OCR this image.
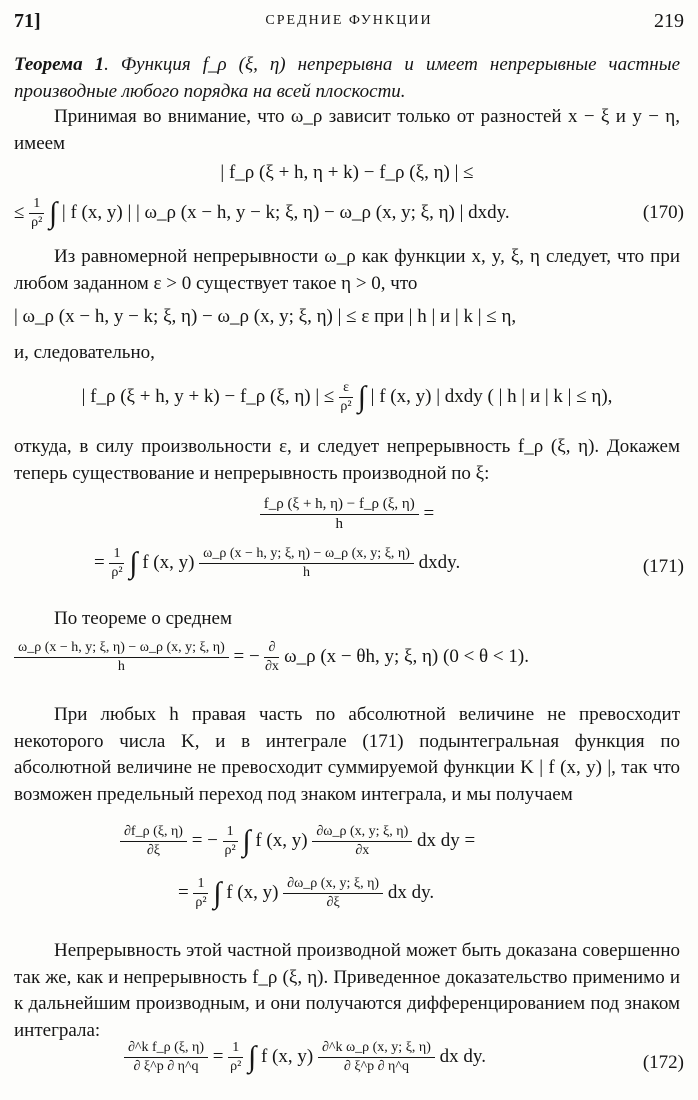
71]	СРЕДНИЕ ФУНКЦИИ	219
Теорема 1. Функция f_ρ (ξ, η) непрерывна и имеет непрерывные частные производные любого порядка на всей плоскости.
Принимая во внимание, что ω_ρ зависит только от разностей x − ξ и y − η, имеем
| f_ρ (ξ + h, η + k) − f_ρ (ξ, η) | ≤
≤ $\frac{1}{\text{ρ²}}$ ∫ | f (x, y) | | ω_ρ (x − h, y − k; ξ, η) − ω_ρ (x, y; ξ, η) | dxdy.	(170)
Из равномерной непрерывности ω_ρ как функции x, y, ξ, η следует, что при любом заданном ε > 0 существует такое η > 0, что
| ω_ρ (x − h, y − k; ξ, η) − ω_ρ (x, y; ξ, η) | ≤ ε при | h | и | k | ≤ η,
и, следовательно,
| f_ρ (ξ + h, y + k) − f_ρ (ξ, η) | ≤ $\frac{\varepsilon}{\text{ρ²}}$ ∫ | f (x, y) | dxdy ( | h | и | k | ≤ η),
откуда, в силу произвольности ε, и следует непрерывность f_ρ (ξ, η). Докажем теперь существование и непрерывность производной по ξ:
$\frac{f\_\rho (\xi + h, \eta) - f\_\rho (\xi, \eta)}{h}$ =
= $\frac{1}{\text{ρ²}}$ ∫ f (x, $y) \frac{\omega\_\rho (x - h, y; \xi, \eta) - \omega\_\rho (x, y; \xi, \eta)}{h}$ dxdy.	(171)
По теореме о среднем
$\frac{\omega\_\rho (x - h, y; \xi, \eta) - \omega\_\rho (x, y; \xi, \eta)}{h}$ = − $\frac{\partial}{\partial x}$ ω_ρ (x − θh, y; ξ, η) (0 < θ < 1).
При любых h правая часть по абсолютной величине не превосходит некоторого числа K, и в интеграле (171) подынтегральная функция по абсолютной величине не превосходит суммируемой функции K | f (x, y) |, так что возможен предельный переход под знаком интеграла, и мы получаем
$\frac{\partial f\_\rho (\xi, \eta)}{\partial\xi}$ = − $\frac{1}{\text{ρ²}}$ ∫ f (x, $y) \frac{\partial\omega\_\rho (x, y; \xi, \eta)}{\partial x}$ dx dy =
= $\frac{1}{\text{ρ²}}$ ∫ f (x, $y) \frac{\partial\omega\_\rho (x, y; \xi, \eta)}{\partial\xi}$ dx dy.
Непрерывность этой частной производной может быть доказана совершенно так же, как и непрерывность f_ρ (ξ, η). Приведенное доказательство применимо и к дальнейшим производным, и они получаются дифференцированием под знаком интеграла:
$\frac{\text{∂\textasciicircum{}k f\_ρ (ξ, η)}}{\partial \xi\^{}p \partial \eta\^{}q} = \frac{1}{\text{ρ²}}$ ∫ f (x, $y) \frac{\text{∂\textasciicircum{}k ω\_ρ (x, y; ξ, η)}}{\partial \xi\^{}p \partial \eta\^{}q}$ dx dy.	(172)
